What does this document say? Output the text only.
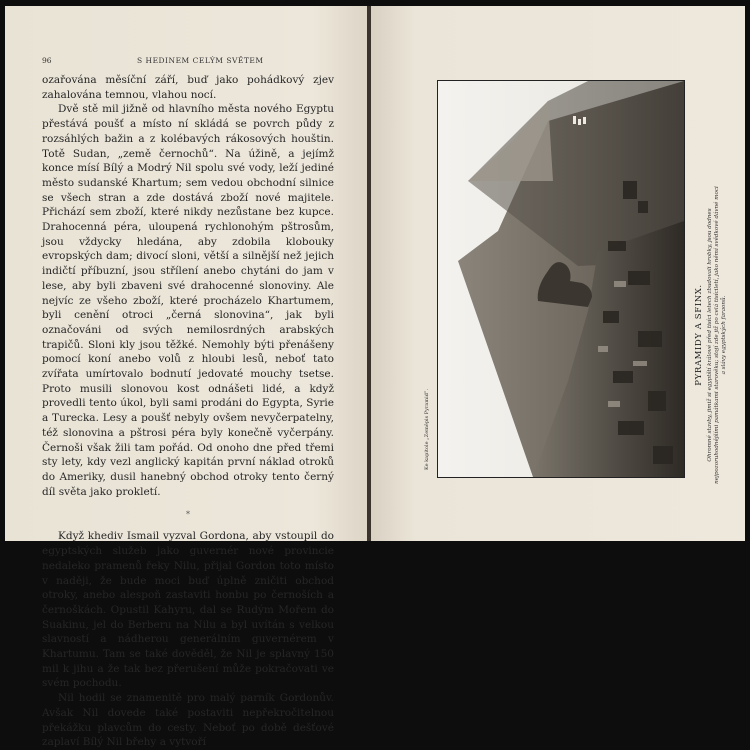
96	S HEDINEM CELÝM SVĚTEM

ozařována měsíční září, buď jako pohádkový zjev zahalována temnou, vlahou nocí.

Dvě stě mil jižně od hlavního města nového Egyptu přestává poušť a místo ní skládá se povrch půdy z rozsáhlých bažin a z kolébavých rákosových houštin. Totě Sudan, „země černochů“. Na úžině, a jejímž konce mísí Bílý a Modrý Nil spolu své vody, leží jediné město sudanské Khartum; sem vedou obchodní silnice se všech stran a zde dostává zboží nové majitele. Přichází sem zboží, které nikdy nezůstane bez kupce. Drahocenná péra, uloupená rychlonohým pštrosům, jsou vždycky hledána, aby zdobila klobouky evropských dam; divocí sloni, větší a silnější než jejich indičtí příbuzní, jsou střílení anebo chytáni do jam v lese, aby byli zbaveni své drahocenné slonoviny. Ale nejvíc ze všeho zboží, které procházelo Khartumem, byli cenění otroci „černá slonovina“, jak byli označováni od svých nemilosrdných arabských trapičů. Sloni kly jsou těžké. Nemohly býti přenášeny pomocí koní anebo volů z hloubi lesů, neboť tato zvířata umírtovalo bodnutí jedovaté mouchy tsetse. Proto musili slonovou kost odnášeti lidé, a když provedli tento úkol, byli sami prodáni do Egypta, Syrie a Turecka. Lesy a poušť nebyly ovšem nevyčerpatelny, též slonovina a pštrosi péra byly konečně vyčerpány. Černoši však žili tam pořád. Od onoho dne před třemi sty lety, kdy vezl anglický kapitán první náklad otroků do Ameriky, dusil hanebný obchod otroky tento černý díl světa jako prokletí.

*

Když khediv Ismail vyzval Gordona, aby vstoupil do egyptských služeb jako guvernér nové provincie nedaleko pramenů řeky Nilu, přijal Gordon toto místo v naději, že bude moci buď úplně zničiti obchod otroky, anebo alespoň zastaviti honbu po černoších a černoškách. Opustil Kahyru, dal se Rudým Mořem do Suakinu, jel do Berberu na Nilu a byl uvítán s velkou slavností a nádherou generálním guvernérem v Khartumu. Tam se také dověděl, že Nil je splavný 150 mil k jihu a že tak bez přerušení může pokračovati ve svém pochodu.

Nil hodil se znamenitě pro malý parník Gordonův. Avšak Nil dovede také postaviti nepřekročitelnou překážku plavcům do cesty. Neboť po době dešťové zaplaví Bílý Nil břehy a vytvoří

Ke kapitole „Zeměpis Pyramid“.
PYRAMIDY A SFINX. Ohromné stavby, jimiž si egyptští králové před tisíci letech zbudovali hrobky, jsou dodnes nejpozoruhodnějšími památkami starověku; stojí zde již po celá tisíciletí, jako němí svědkové dávné moci a slávy egyptských faraonů.
